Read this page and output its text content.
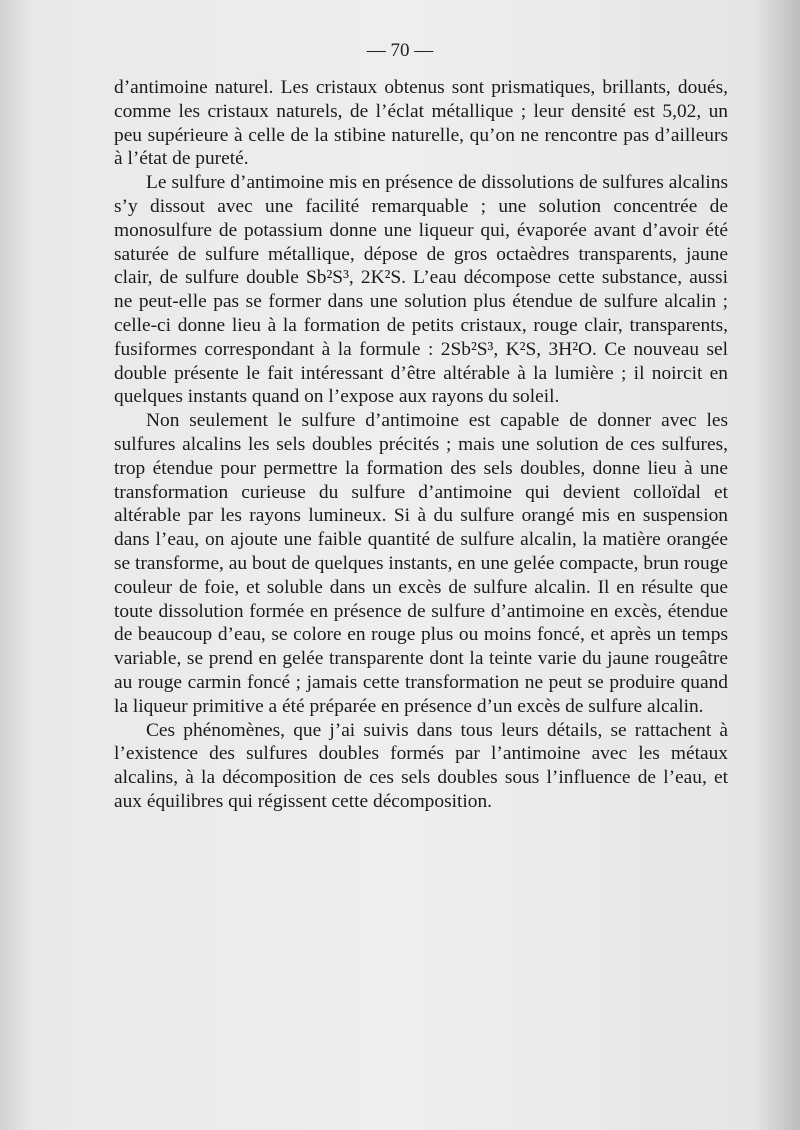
— 70 —

d’antimoine naturel. Les cristaux obtenus sont prismatiques, brillants, doués, comme les cristaux naturels, de l’éclat métallique ; leur densité est 5,02, un peu supérieure à celle de la stibine naturelle, qu’on ne rencontre pas d’ailleurs à l’état de pureté.

Le sulfure d’antimoine mis en présence de dissolutions de sulfures alcalins s’y dissout avec une facilité remarquable ; une solution concentrée de monosulfure de potassium donne une liqueur qui, évaporée avant d’avoir été saturée de sulfure métallique, dépose de gros octaèdres transparents, jaune clair, de sulfure double Sb²S³, 2K²S. L’eau décompose cette substance, aussi ne peut-elle pas se former dans une solution plus étendue de sulfure alcalin ; celle-ci donne lieu à la formation de petits cristaux, rouge clair, transparents, fusiformes correspondant à la formule : 2Sb²S³, K²S, 3H²O. Ce nouveau sel double présente le fait intéressant d’être altérable à la lumière ; il noircit en quelques instants quand on l’expose aux rayons du soleil.

Non seulement le sulfure d’antimoine est capable de donner avec les sulfures alcalins les sels doubles précités ; mais une solution de ces sulfures, trop étendue pour permettre la formation des sels doubles, donne lieu à une transformation curieuse du sulfure d’antimoine qui devient colloïdal et altérable par les rayons lumineux. Si à du sulfure orangé mis en suspension dans l’eau, on ajoute une faible quantité de sulfure alcalin, la matière orangée se transforme, au bout de quelques instants, en une gelée compacte, brun rouge couleur de foie, et soluble dans un excès de sulfure alcalin. Il en résulte que toute dissolution formée en présence de sulfure d’antimoine en excès, étendue de beaucoup d’eau, se colore en rouge plus ou moins foncé, et après un temps variable, se prend en gelée transparente dont la teinte varie du jaune rougeâtre au rouge carmin foncé ; jamais cette transformation ne peut se produire quand la liqueur primitive a été préparée en présence d’un excès de sulfure alcalin.

Ces phénomènes, que j’ai suivis dans tous leurs détails, se rattachent à l’existence des sulfures doubles formés par l’antimoine avec les métaux alcalins, à la décomposition de ces sels doubles sous l’influence de l’eau, et aux équilibres qui régissent cette décomposition.
